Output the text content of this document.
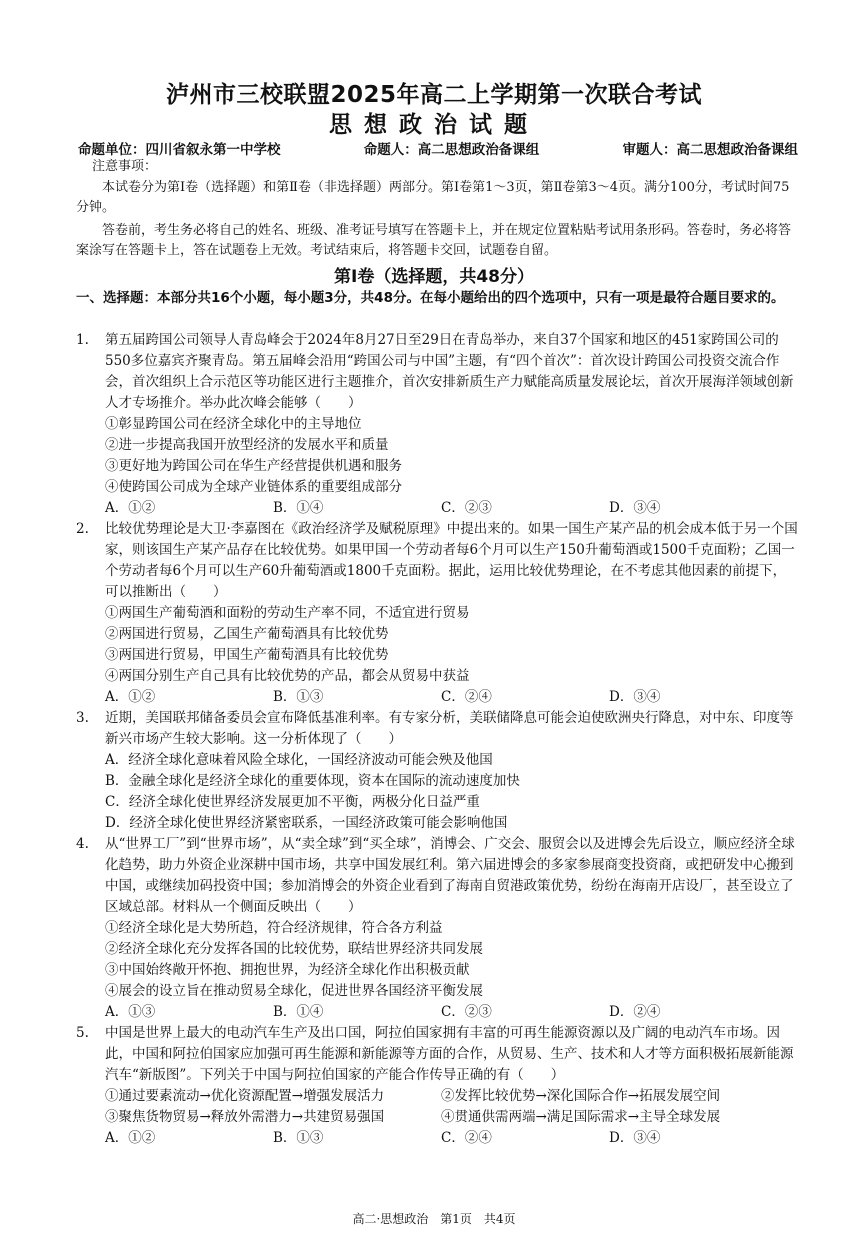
泸州市三校联盟2025年高二上学期第一次联合考试
思想政治试题
命题单位：四川省叙永第一中学校	命题人：高二思想政治备课组	审题人：高二思想政治备课组

注意事项：

本试卷分为第Ⅰ卷（选择题）和第Ⅱ卷（非选择题）两部分。第Ⅰ卷第1～3页，第Ⅱ卷第3～4页。满分100分，考试时间75分钟。

答卷前，考生务必将自己的姓名、班级、准考证号填写在答题卡上，并在规定位置粘贴考试用条形码。答卷时，务必将答案涂写在答题卡上，答在试题卷上无效。考试结束后，将答题卡交回，试题卷自留。

第Ⅰ卷（选择题，共48分）
一、选择题：本部分共16个小题，每小题3分，共48分。在每小题给出的四个选项中，只有一项是最符合题目要求的。
1.	第五届跨国公司领导人青岛峰会于2024年8月27日至29日在青岛举办，来自37个国家和地区的451家跨国公司的550多位嘉宾齐聚青岛。第五届峰会沿用“跨国公司与中国”主题，有“四个首次”：首次设计跨国公司投资交流合作会，首次组织上合示范区等功能区进行主题推介，首次安排新质生产力赋能高质量发展论坛，首次开展海洋领域创新人才专场推介。举办此次峰会能够（　　）
①彰显跨国公司在经济全球化中的主导地位
②进一步提高我国开放型经济的发展水平和质量
③更好地为跨国公司在华生产经营提供机遇和服务
④使跨国公司成为全球产业链体系的重要组成部分
A．①②	B．①④	C．②③	D．③④
2.	比较优势理论是大卫·李嘉图在《政治经济学及赋税原理》中提出来的。如果一国生产某产品的机会成本低于另一个国家，则该国生产某产品存在比较优势。如果甲国一个劳动者每6个月可以生产150升葡萄酒或1500千克面粉；乙国一个劳动者每6个月可以生产60升葡萄酒或1800千克面粉。据此，运用比较优势理论，在不考虑其他因素的前提下，可以推断出（　　）
①两国生产葡萄酒和面粉的劳动生产率不同，不适宜进行贸易
②两国进行贸易，乙国生产葡萄酒具有比较优势
③两国进行贸易，甲国生产葡萄酒具有比较优势
④两国分别生产自己具有比较优势的产品，都会从贸易中获益
A．①②	B．①③	C．②④	D．③④
3.	近期，美国联邦储备委员会宣布降低基准利率。有专家分析，美联储降息可能会迫使欧洲央行降息，对中东、印度等新兴市场产生较大影响。这一分析体现了（　　）
A．经济全球化意味着风险全球化，一国经济波动可能会殃及他国
B．金融全球化是经济全球化的重要体现，资本在国际的流动速度加快
C．经济全球化使世界经济发展更加不平衡，两极分化日益严重
D．经济全球化使世界经济紧密联系，一国经济政策可能会影响他国
4.	从“世界工厂”到“世界市场”，从“卖全球”到“买全球”，消博会、广交会、服贸会以及进博会先后设立，顺应经济全球化趋势，助力外资企业深耕中国市场，共享中国发展红利。第六届进博会的多家参展商变投资商，或把研发中心搬到中国，或继续加码投资中国；参加消博会的外资企业看到了海南自贸港政策优势，纷纷在海南开店设厂，甚至设立了区域总部。材料从一个侧面反映出（　　）
①经济全球化是大势所趋，符合经济规律，符合各方利益
②经济全球化充分发挥各国的比较优势，联结世界经济共同发展
③中国始终敞开怀抱、拥抱世界，为经济全球化作出积极贡献
④展会的设立旨在推动贸易全球化，促进世界各国经济平衡发展
A．①③	B．①④	C．②③	D．②④
5.	中国是世界上最大的电动汽车生产及出口国，阿拉伯国家拥有丰富的可再生能源资源以及广阔的电动汽车市场。因此，中国和阿拉伯国家应加强可再生能源和新能源等方面的合作，从贸易、生产、技术和人才等方面积极拓展新能源汽车“新版图”。下列关于中国与阿拉伯国家的产能合作传导正确的有（　　）
①通过要素流动→优化资源配置→增强发展活力	②发挥比较优势→深化国际合作→拓展发展空间
③聚焦货物贸易→释放外需潜力→共建贸易强国	④贯通供需两端→满足国际需求→主导全球发展
A．①②	B．①③	C．②④	D．③④
高二·思想政治　第1页　共4页
